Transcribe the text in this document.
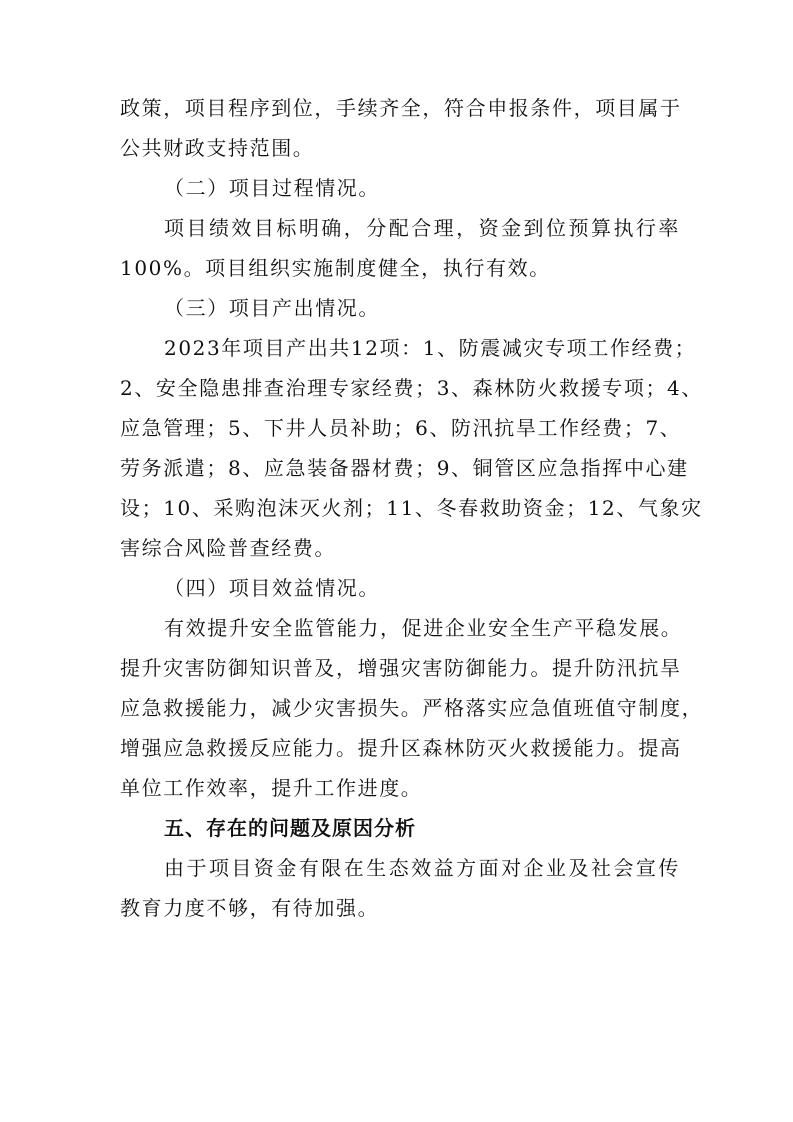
政策，项目程序到位，手续齐全，符合申报条件，项目属于
公共财政支持范围。
（二）项目过程情况。
项目绩效目标明确，分配合理，资金到位预算执行率
100%。项目组织实施制度健全，执行有效。
（三）项目产出情况。
2023年项目产出共12项：1、防震减灾专项工作经费；
2、安全隐患排查治理专家经费；3、森林防火救援专项；4、
应急管理；5、下井人员补助；6、防汛抗旱工作经费；7、
劳务派遣；8、应急装备器材费；9、铜管区应急指挥中心建
设；10、采购泡沫灭火剂；11、冬春救助资金；12、气象灾
害综合风险普查经费。
（四）项目效益情况。
有效提升安全监管能力，促进企业安全生产平稳发展。
提升灾害防御知识普及，增强灾害防御能力。提升防汛抗旱
应急救援能力，减少灾害损失。严格落实应急值班值守制度，
增强应急救援反应能力。提升区森林防灭火救援能力。提高
单位工作效率，提升工作进度。
五、存在的问题及原因分析
由于项目资金有限在生态效益方面对企业及社会宣传
教育力度不够，有待加强。
